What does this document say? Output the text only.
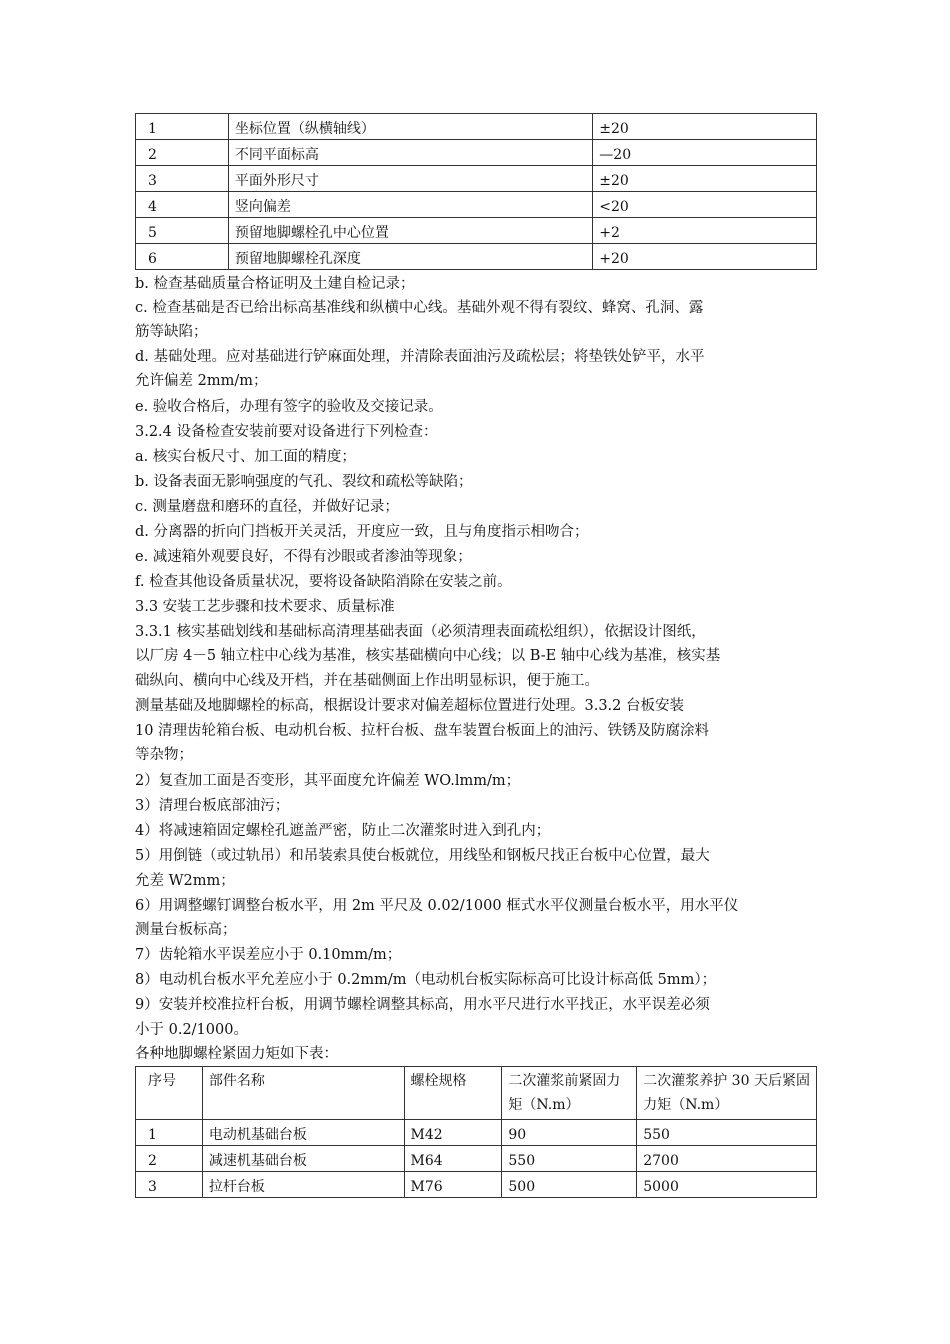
1	坐标位置（纵横轴线）	±20
2	不同平面标高	—20
3	平面外形尺寸	±20
4	竖向偏差	<20
5	预留地脚螺栓孔中心位置	+2
6	预留地脚螺栓孔深度	+20
b. 检查基础质量合格证明及土建自检记录；
c. 检查基础是否已给出标高基准线和纵横中心线。基础外观不得有裂纹、蜂窝、孔洞、露
筋等缺陷；
d. 基础处理。应对基础进行铲麻面处理，并清除表面油污及疏松层；将垫铁处铲平，水平
允许偏差 2mm/m；
e. 验收合格后，办理有签字的验收及交接记录。
3.2.4 设备检查安装前要对设备进行下列检查：
a. 核实台板尺寸、加工面的精度；
b. 设备表面无影响强度的气孔、裂纹和疏松等缺陷；
c. 测量磨盘和磨环的直径，并做好记录；
d. 分离器的折向门挡板开关灵活，开度应一致，且与角度指示相吻合；
e. 减速箱外观要良好，不得有沙眼或者渗油等现象；
f. 检查其他设备质量状况，要将设备缺陷消除在安装之前。
3.3 安装工艺步骤和技术要求、质量标准
3.3.1 核实基础划线和基础标高清理基础表面（必须清理表面疏松组织），依据设计图纸，
以厂房 4－5 轴立柱中心线为基准，核实基础横向中心线；以 B-E 轴中心线为基准，核实基
础纵向、横向中心线及开档，并在基础侧面上作出明显标识，便于施工。
测量基础及地脚螺栓的标高，根据设计要求对偏差超标位置进行处理。3.3.2 台板安装
10 清理齿轮箱台板、电动机台板、拉杆台板、盘车装置台板面上的油污、铁锈及防腐涂料
等杂物；
2）复查加工面是否变形，其平面度允许偏差 WO.lmm/m；
3）清理台板底部油污；
4）将减速箱固定螺栓孔遮盖严密，防止二次灌浆时进入到孔内；
5）用倒链（或过轨吊）和吊装索具使台板就位，用线坠和钢板尺找正台板中心位置，最大
允差 W2mm；
6）用调整螺钉调整台板水平，用 2m 平尺及 0.02/1000 框式水平仪测量台板水平，用水平仪
测量台板标高；
7）齿轮箱水平误差应小于 0.10mm/m；
8）电动机台板水平允差应小于 0.2mm/m（电动机台板实际标高可比设计标高低 5mm）；
9）安装并校准拉杆台板，用调节螺栓调整其标高，用水平尺进行水平找正，水平误差必须
小于 0.2/1000。
各种地脚螺栓紧固力矩如下表：
序号	部件名称	螺栓规格	二次灌浆前紧固力矩（N.m）	二次灌浆养护 30 天后紧固力矩（N.m）
1	电动机基础台板	M42	90	550
2	减速机基础台板	M64	550	2700
3	拉杆台板	M76	500	5000
